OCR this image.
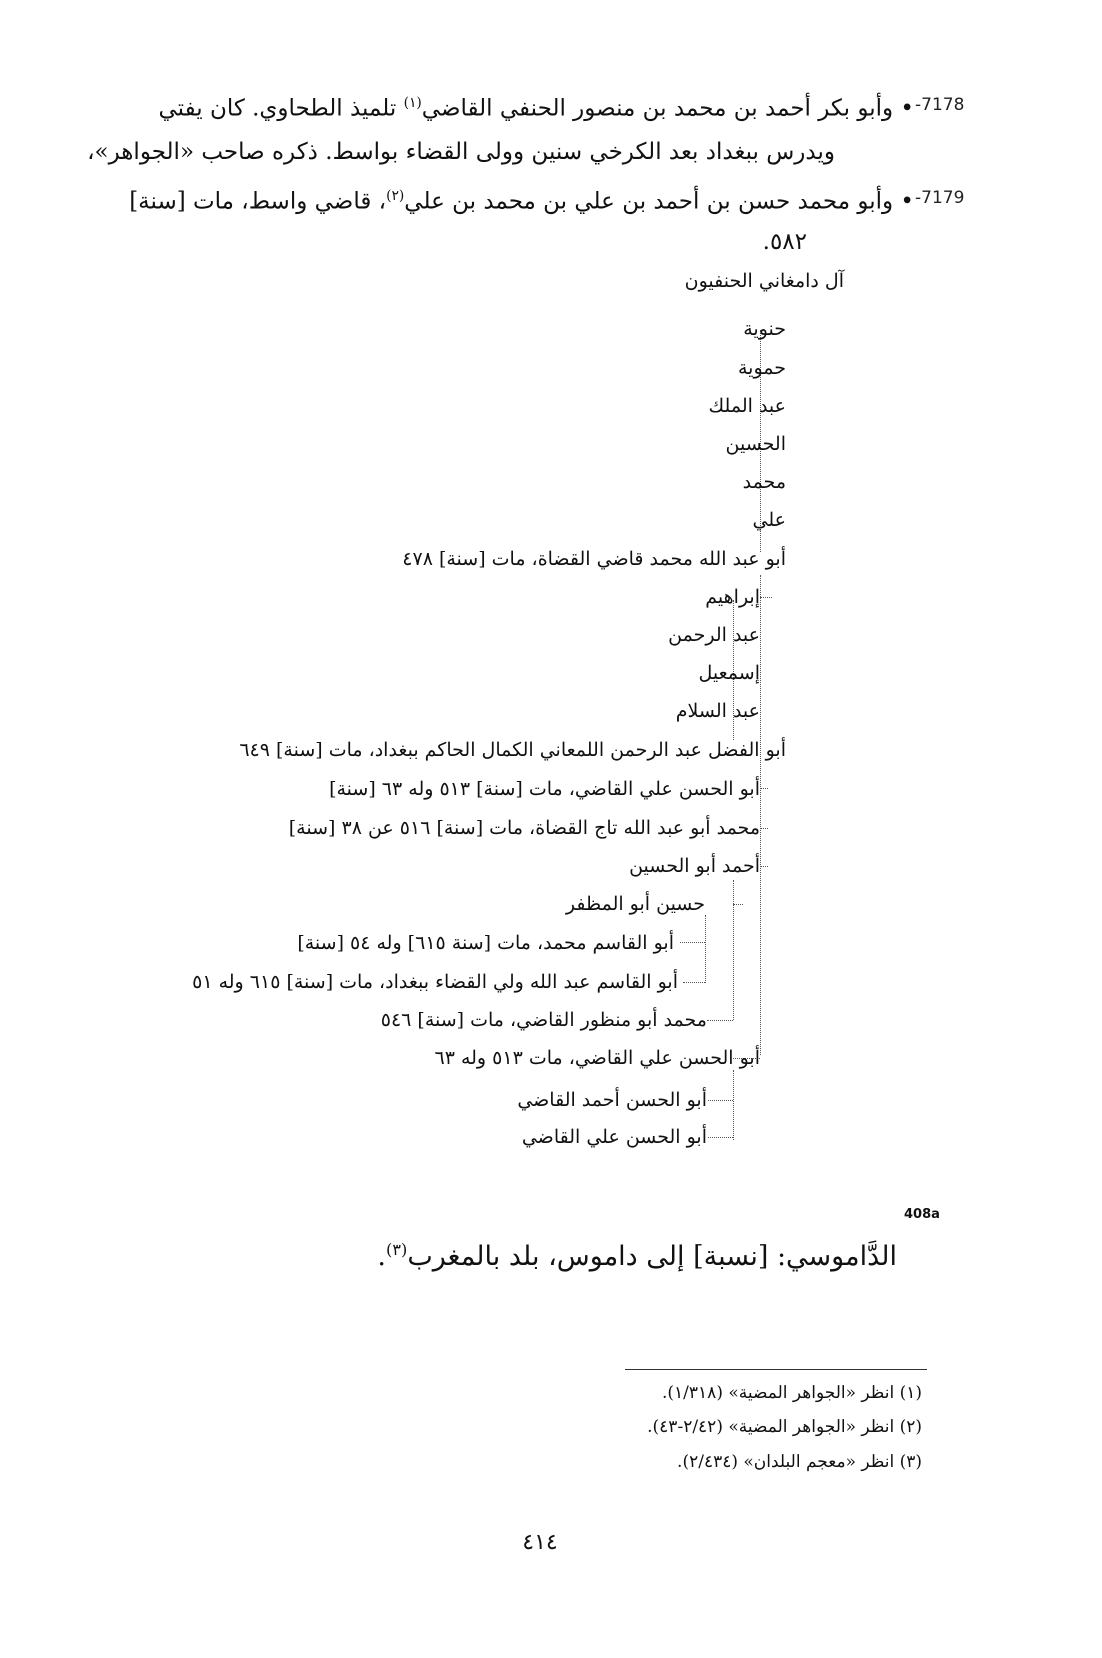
-7178
• وأبو بكر أحمد بن محمد بن منصور الحنفي القاضي$^{(١)}$ تلميذ الطحاوي. كان يفتي
ويدرس ببغداد بعد الكرخي سنين وولى القضاء بواسط. ذكره صاحب «الجواهر»،
-7179
• وأبو محمد حسن بن أحمد بن علي بن محمد بن علي$^{(٢)}$، قاضي واسط، مات [سنة]
٥٨٢.
آل دامغاني الحنفيون
حنوية
حموية
عبد الملك
الحسين
محمد
علي
أبو عبد الله محمد قاضي القضاة، مات [سنة] ٤٧٨
إبراهيم
عبد الرحمن
إسمعيل
عبد السلام
أبو الفضل عبد الرحمن اللمعاني الكمال الحاكم ببغداد، مات [سنة] ٦٤٩
أبو الحسن علي القاضي، مات [سنة] ٥١٣ وله ٦٣ [سنة]
محمد أبو عبد الله تاج القضاة، مات [سنة] ٥١٦ عن ٣٨ [سنة]
أحمد أبو الحسين
حسين أبو المظفر
أبو القاسم محمد، مات [سنة ٦١٥] وله ٥٤ [سنة]
أبو القاسم عبد الله ولي القضاء ببغداد، مات [سنة] ٦١٥ وله ٥١
محمد أبو منظور القاضي، مات [سنة] ٥٤٦
أبو الحسن علي القاضي، مات ٥١٣ وله ٦٣
أبو الحسن أحمد القاضي
أبو الحسن علي القاضي
408a
الدَّاموسي: [نسبة] إلى داموس، بلد بالمغرب$^{(٣)}$.
(١) انظر «الجواهر المضية» (١/٣١٨).
(٢) انظر «الجواهر المضية» (٢/٤٢-٤٣).
(٣) انظر «معجم البلدان» (٢/٤٣٤).
٤١٤
